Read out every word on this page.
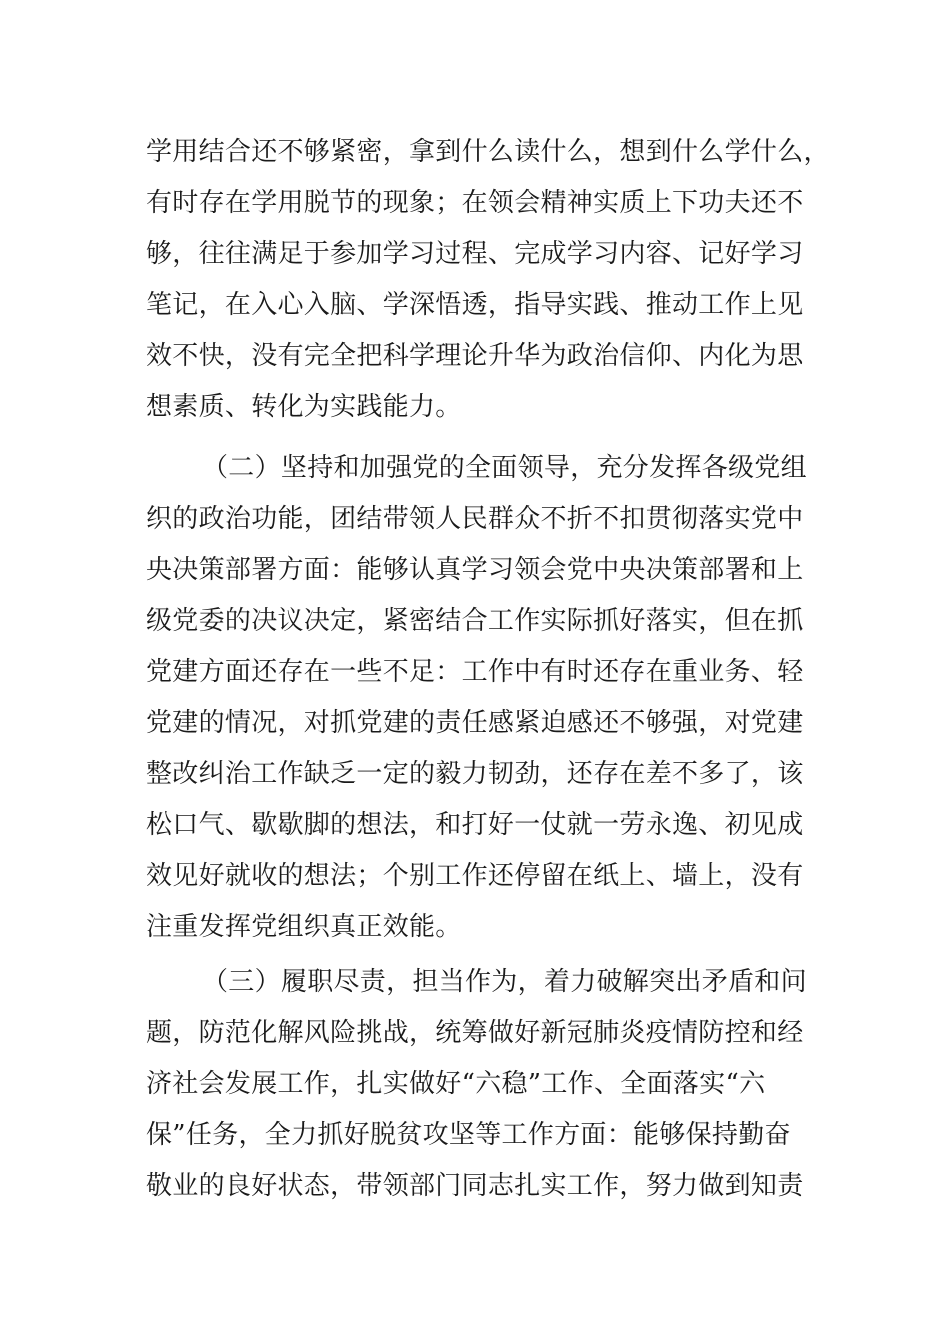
学用结合还不够紧密，拿到什么读什么，想到什么学什么，
有时存在学用脱节的现象；在领会精神实质上下功夫还不
够，往往满足于参加学习过程、完成学习内容、记好学习
笔记，在入心入脑、学深悟透，指导实践、推动工作上见
效不快，没有完全把科学理论升华为政治信仰、内化为思
想素质、转化为实践能力。
（二）坚持和加强党的全面领导，充分发挥各级党组
织的政治功能，团结带领人民群众不折不扣贯彻落实党中
央决策部署方面：能够认真学习领会党中央决策部署和上
级党委的决议决定，紧密结合工作实际抓好落实，但在抓
党建方面还存在一些不足：工作中有时还存在重业务、轻
党建的情况，对抓党建的责任感紧迫感还不够强，对党建
整改纠治工作缺乏一定的毅力韧劲，还存在差不多了，该
松口气、歇歇脚的想法，和打好一仗就一劳永逸、初见成
效见好就收的想法；个别工作还停留在纸上、墙上，没有
注重发挥党组织真正效能。
（三）履职尽责，担当作为，着力破解突出矛盾和问
题，防范化解风险挑战，统筹做好新冠肺炎疫情防控和经
济社会发展工作，扎实做好“六稳”工作、全面落实“六
保”任务，全力抓好脱贫攻坚等工作方面：能够保持勤奋
敬业的良好状态，带领部门同志扎实工作，努力做到知责
